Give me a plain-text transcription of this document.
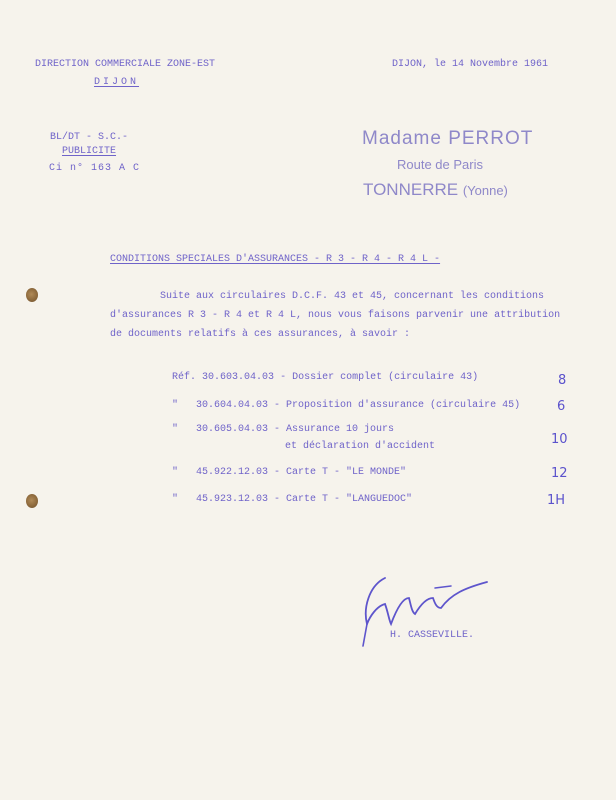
DIRECTION COMMERCIALE ZONE-EST
DIJON
DIJON, le 14 Novembre 1961
BL/DT - S.C.-
PUBLICITE
Ci n° 163 A C
Madame PERROT
Route de Paris
TONNERRE (Yonne)
CONDITIONS SPECIALES D'ASSURANCES - R 3 - R 4 - R 4 L -
Suite aux circulaires D.C.F. 43 et 45, concernant les conditions
d'assurances R 3 - R 4 et R 4 L, nous vous faisons parvenir une attribution
de documents relatifs à ces assurances, à savoir :
Réf. 30.603.04.03 - Dossier complet (circulaire 43)	8
" 30.604.04.03 - Proposition d'assurance (circulaire 45)	6
" 30.605.04.03 - Assurance 10 jours
et déclaration d'accident	10
" 45.922.12.03 - Carte T - "LE MONDE"	12
" 45.923.12.03 - Carte T - "LANGUEDOC"	1H
H. CASSEVILLE.
